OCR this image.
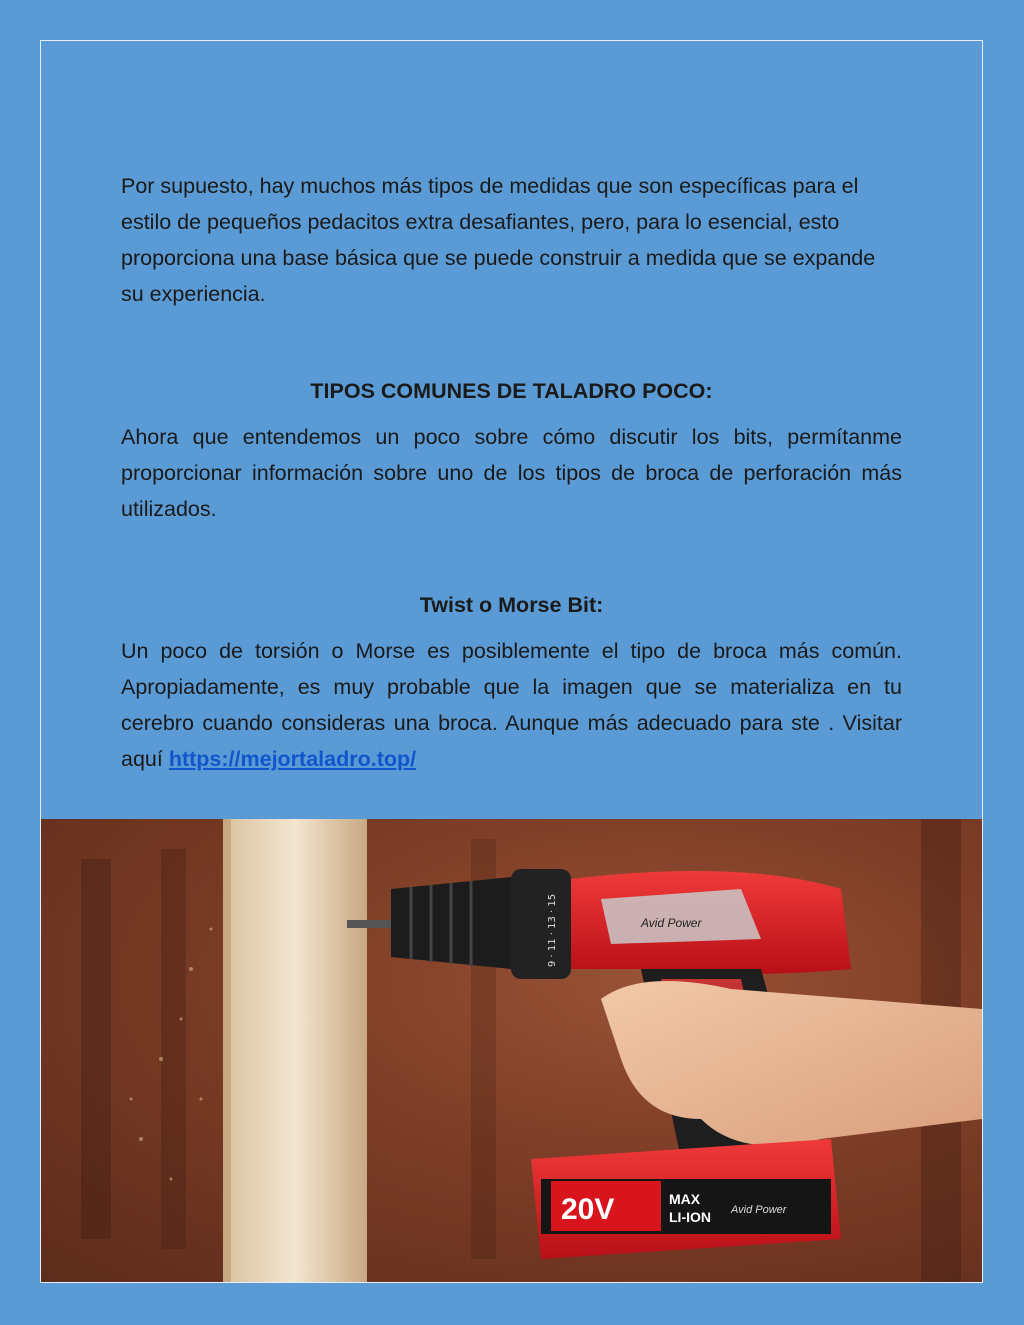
Por supuesto, hay muchos más tipos de medidas que son específicas para el estilo de pequeños pedacitos extra desafiantes, pero, para lo esencial, esto proporciona una base básica que se puede construir a medida que se expande su experiencia.

TIPOS COMUNES DE TALADRO POCO:

Ahora que entendemos un poco sobre cómo discutir los bits, permítanme proporcionar información sobre uno de los tipos de broca de perforación más utilizados.

Twist o Morse Bit:

Un poco de torsión o Morse es posiblemente el tipo de broca más común. Apropiadamente, es muy probable que la imagen que se materializa en tu cerebro cuando consideras una broca. Aunque más adecuado para ste . Visitar aquí https://mejortaladro.top/

9 · 11 · 13 · 15	Avid Power
20V	MAX
LI-ION Avid Power
